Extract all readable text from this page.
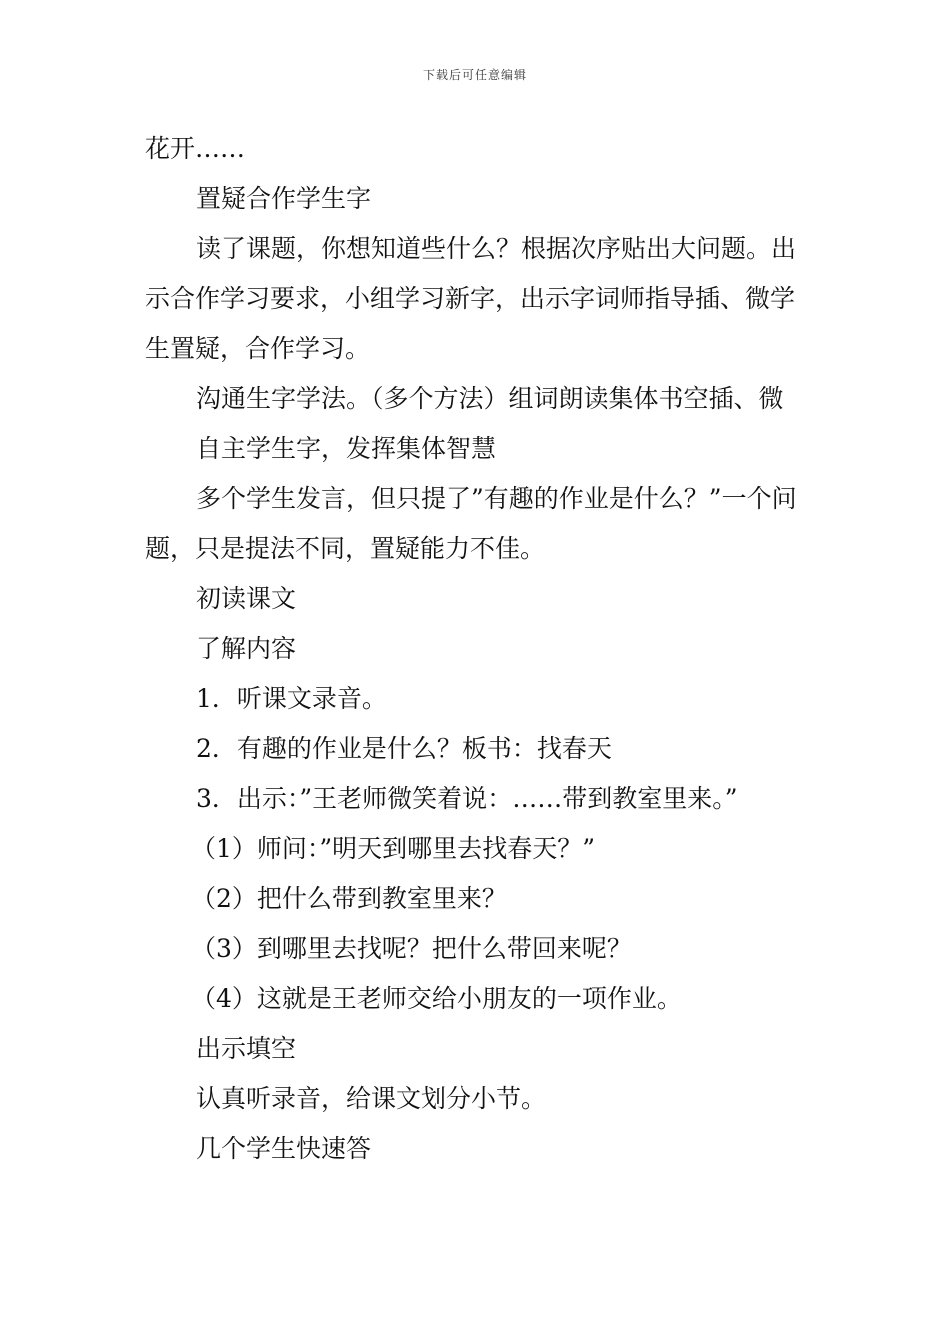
下载后可任意编辑

花开……

置疑合作学生字

读了课题，你想知道些什么？根据次序贴出大问题。出示合作学习要求，小组学习新字，出示字词师指导插、微学生置疑，合作学习。

沟通生字学法。（多个方法）组词朗读集体书空插、微

自主学生字，发挥集体智慧

多个学生发言，但只提了”有趣的作业是什么？”一个问题，只是提法不同，置疑能力不佳。

初读课文

了解内容

1．听课文录音。

2．有趣的作业是什么？板书：找春天

3．出示：”王老师微笑着说：……带到教室里来。”

（1）师问：”明天到哪里去找春天？”

（2）把什么带到教室里来？

（3）到哪里去找呢？把什么带回来呢？

（4）这就是王老师交给小朋友的一项作业。

出示填空

认真听录音，给课文划分小节。

几个学生快速答
